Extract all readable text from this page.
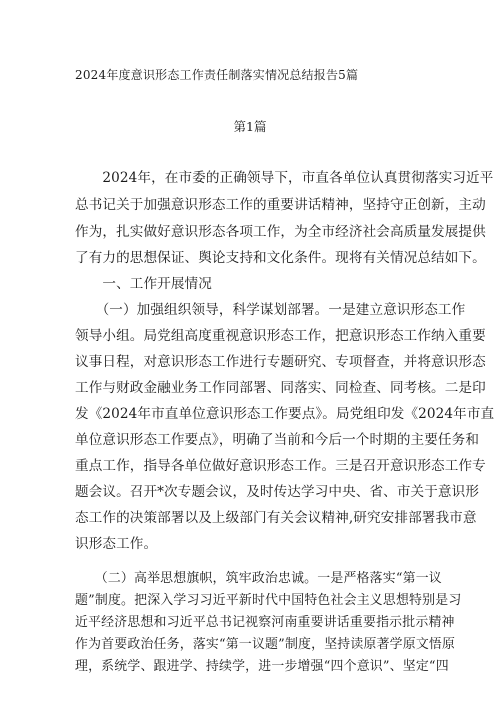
2024年度意识形态工作责任制落实情况总结报告5篇
第1篇
　　2024年，在市委的正确领导下，市直各单位认真贯彻落实习近平
总书记关于加强意识形态工作的重要讲话精神，坚持守正创新，主动
作为，扎实做好意识形态各项工作，为全市经济社会高质量发展提供
了有力的思想保证、舆论支持和文化条件。现将有关情况总结如下。
　　一、工作开展情况
　　（一）加强组织领导，科学谋划部署。一是建立意识形态工作
领导小组。局党组高度重视意识形态工作，把意识形态工作纳入重要
议事日程，对意识形态工作进行专题研究、专项督查，并将意识形态
工作与财政金融业务工作同部署、同落实、同检查、同考核。二是印
发《2024年市直单位意识形态工作要点》。局党组印发《2024年市直
单位意识形态工作要点》，明确了当前和今后一个时期的主要任务和
重点工作，指导各单位做好意识形态工作。三是召开意识形态工作专
题会议。召开*次专题会议，及时传达学习中央、省、市关于意识形
态工作的决策部署以及上级部门有关会议精神,研究安排部署我市意
识形态工作。
　　（二）高举思想旗帜，筑牢政治忠诚。一是严格落实“第一议
题”制度。把深入学习习近平新时代中国特色社会主义思想特别是习
近平经济思想和习近平总书记视察河南重要讲话重要指示批示精神
作为首要政治任务，落实“第一议题”制度，坚持读原著学原文悟原
理，系统学、跟进学、持续学，进一步增强“四个意识”、坚定“四
